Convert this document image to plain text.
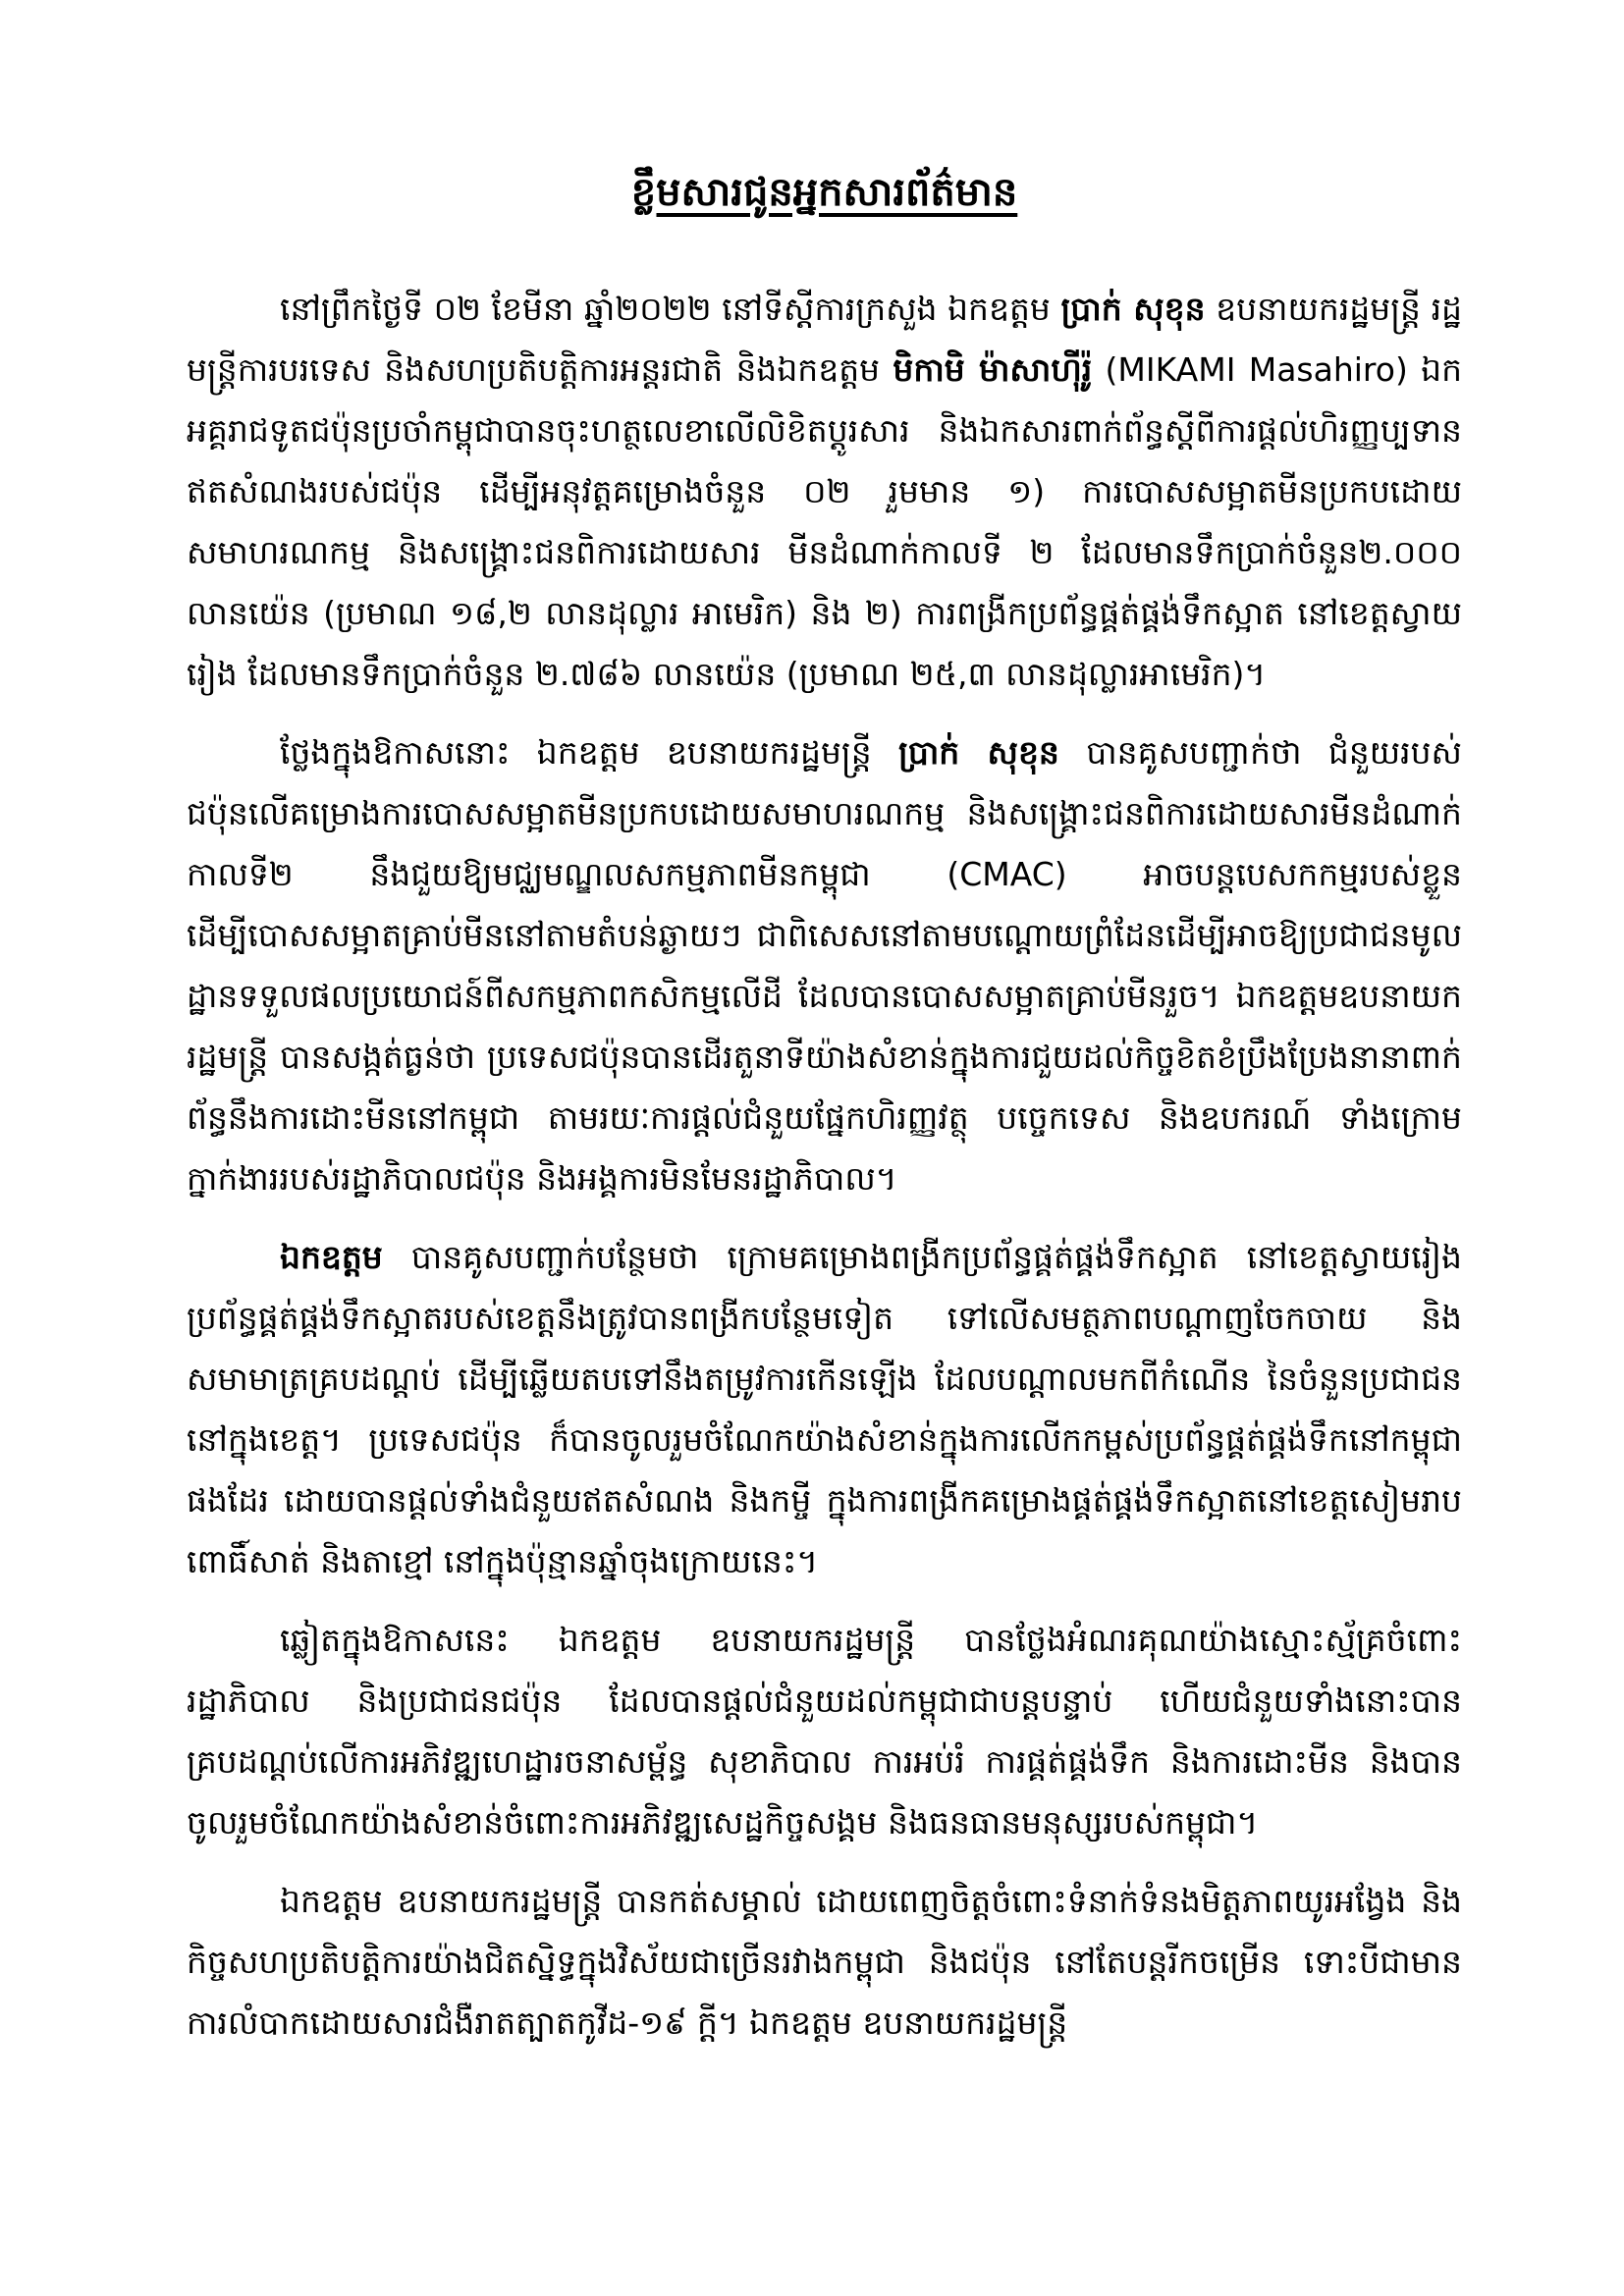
ខ្លឹមសារជូនអ្នកសារព័ត៌មាន

នៅព្រឹកថ្ងៃទី ០២ ខែមីនា ឆ្នាំ២០២២ នៅទីស្តីការក្រសួង ឯកឧត្តម ប្រាក់ សុខុន ឧបនាយករដ្ឋមន្ត្រី រដ្ឋមន្ត្រីការបរទេស និងសហប្រតិបត្តិការអន្តរជាតិ និងឯកឧត្តម មិកាមិ ម៉ាសាហ៊ីរ៉ូ (MIKAMI Masahiro) ឯកអគ្គរាជទូតជប៉ុនប្រចាំកម្ពុជាបានចុះហត្ថលេខាលើលិខិតប្តូរសារ និងឯកសារពាក់ព័ន្ធស្តីពីការផ្តល់ហិរញ្ញប្បទានឥតសំណងរបស់ជប៉ុន ដើម្បីអនុវត្តគម្រោងចំនួន ០២ រួមមាន ១) ការបោសសម្អាតមីនប្រកបដោយសមាហរណកម្ម និងសង្គ្រោះជនពិការដោយសារ មីនដំណាក់កាលទី ២ ដែលមានទឹកប្រាក់ចំនួន២.០០០ លានយ៉េន (ប្រមាណ ១៨,២ លានដុល្លារ អាមេរិក) និង ២) ការពង្រីកប្រព័ន្ធផ្គត់ផ្គង់ទឹកស្អាត នៅខេត្តស្វាយរៀង ដែលមានទឹកប្រាក់ចំនួន ២.៧៨៦ លានយ៉េន (ប្រមាណ ២៥,៣ លានដុល្លារអាមេរិក)។

ថ្លែងក្នុងឱកាសនោះ ឯកឧត្តម ឧបនាយករដ្ឋមន្ត្រី ប្រាក់ សុខុន បានគូសបញ្ជាក់ថា ជំនួយរបស់ជប៉ុនលើគម្រោងការបោសសម្អាតមីនប្រកបដោយសមាហរណកម្ម និងសង្គ្រោះជនពិការដោយសារមីនដំណាក់កាលទី២ នឹងជួយឱ្យមជ្ឈមណ្ឌលសកម្មភាពមីនកម្ពុជា (CMAC) អាចបន្តបេសកកម្មរបស់ខ្លួន ដើម្បីបោសសម្អាតគ្រាប់មីននៅតាមតំបន់ឆ្ងាយៗ ជាពិសេសនៅតាមបណ្តោយព្រំដែនដើម្បីអាចឱ្យប្រជាជនមូលដ្ឋានទទួលផលប្រយោជន៍ពីសកម្មភាពកសិកម្មលើដី ដែលបានបោសសម្អាតគ្រាប់មីនរួច។ ឯកឧត្តមឧបនាយករដ្ឋមន្ត្រី បានសង្កត់ធ្ងន់ថា ប្រទេសជប៉ុនបានដើរតួនាទីយ៉ាងសំខាន់ក្នុងការជួយដល់កិច្ចខិតខំប្រឹងប្រែងនានាពាក់ព័ន្ធនឹងការដោះមីននៅកម្ពុជា តាមរយៈការផ្តល់ជំនួយផ្នែកហិរញ្ញវត្ថុ បច្ចេកទេស និងឧបករណ៍ ទាំងក្រោមក្នាក់ងាររបស់រដ្ឋាភិបាលជប៉ុន និងអង្គការមិនមែនរដ្ឋាភិបាល។

ឯកឧត្តម បានគូសបញ្ជាក់បន្ថែមថា ក្រោមគម្រោងពង្រីកប្រព័ន្ធផ្គត់ផ្គង់ទឹកស្អាត នៅខេត្តស្វាយរៀង ប្រព័ន្ធផ្គត់ផ្គង់ទឹកស្អាតរបស់ខេត្តនឹងត្រូវបានពង្រីកបន្ថែមទៀត ទៅលើសមត្ថភាពបណ្តាញចែកចាយ និងសមាមាត្រគ្របដណ្តប់ ដើម្បីឆ្លើយតបទៅនឹងតម្រូវការកើនឡើង ដែលបណ្តាលមកពីកំណើន នៃចំនួនប្រជាជននៅក្នុងខេត្ត។ ប្រទេសជប៉ុន ក៏បានចូលរួមចំណែកយ៉ាងសំខាន់ក្នុងការលើកកម្ពស់ប្រព័ន្ធផ្គត់ផ្គង់ទឹកនៅកម្ពុជាផងដែរ ដោយបានផ្តល់ទាំងជំនួយឥតសំណង និងកម្ចី ក្នុងការពង្រីកគម្រោងផ្គត់ផ្គង់ទឹកស្អាតនៅខេត្តសៀមរាប ពោធិ៍សាត់ និងតាខ្មៅ នៅក្នុងប៉ុន្មានឆ្នាំចុងក្រោយនេះ។

ឆ្លៀតក្នុងឱកាសនេះ ឯកឧត្តម ឧបនាយករដ្ឋមន្ត្រី បានថ្លែងអំណរគុណយ៉ាងស្មោះស្ម័គ្រចំពោះរដ្ឋាភិបាល និងប្រជាជនជប៉ុន ដែលបានផ្តល់ជំនួយដល់កម្ពុជាជាបន្តបន្ទាប់ ហើយជំនួយទាំងនោះបានគ្របដណ្តប់លើការអភិវឌ្ឍហេដ្ឋារចនាសម្ព័ន្ធ សុខាភិបាល ការអប់រំ ការផ្គត់ផ្គង់ទឹក និងការដោះមីន និងបានចូលរួមចំណែកយ៉ាងសំខាន់ចំពោះការអភិវឌ្ឍសេដ្ឋកិច្ចសង្គម និងធនធានមនុស្សរបស់កម្ពុជា។

ឯកឧត្តម ឧបនាយករដ្ឋមន្ត្រី បានកត់សម្គាល់ ដោយពេញចិត្តចំពោះទំនាក់ទំនងមិត្តភាពយូរអង្វែង និងកិច្ចសហប្រតិបត្តិការយ៉ាងជិតស្និទ្ធក្នុងវិស័យជាច្រើនរវាងកម្ពុជា និងជប៉ុន នៅតែបន្តរីកចម្រើន ទោះបីជាមានការលំបាកដោយសារជំងឺរាតត្បាតកូវីដ-១៩ ក្តី។ ឯកឧត្តម ឧបនាយករដ្ឋមន្ត្រី
